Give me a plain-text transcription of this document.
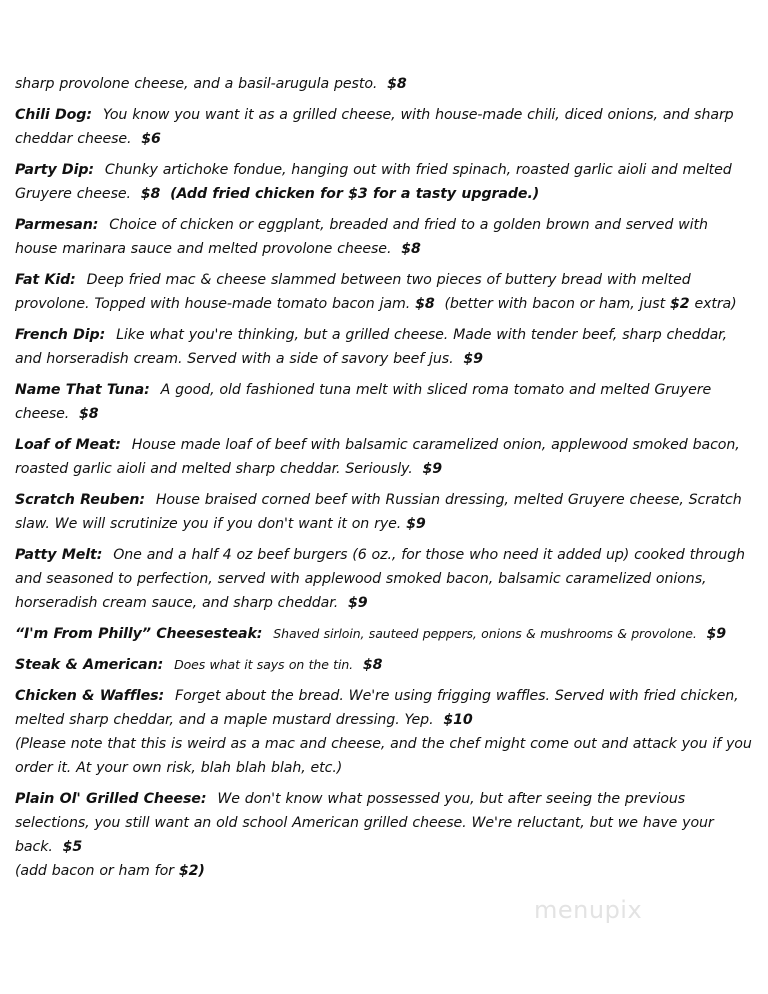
sharp provolone cheese, and a basil-arugula pesto. $8

Chili Dog: You know you want it as a grilled cheese, with house-made chili, diced onions, and sharp cheddar cheese. $6

Party Dip: Chunky artichoke fondue, hanging out with fried spinach, roasted garlic aioli and melted Gruyere cheese. $8 (Add fried chicken for $3 for a tasty upgrade.)

Parmesan: Choice of chicken or eggplant, breaded and fried to a golden brown and served with house marinara sauce and melted provolone cheese. $8

Fat Kid: Deep fried mac & cheese slammed between two pieces of buttery bread with melted provolone. Topped with house-made tomato bacon jam. $8 (better with bacon or ham, just $2 extra)

French Dip: Like what you're thinking, but a grilled cheese. Made with tender beef, sharp cheddar, and horseradish cream. Served with a side of savory beef jus. $9

Name That Tuna: A good, old fashioned tuna melt with sliced roma tomato and melted Gruyere cheese. $8

Loaf of Meat: House made loaf of beef with balsamic caramelized onion, applewood smoked bacon, roasted garlic aioli and melted sharp cheddar. Seriously. $9

Scratch Reuben: House braised corned beef with Russian dressing, melted Gruyere cheese, Scratch slaw. We will scrutinize you if you don't want it on rye. $9

Patty Melt: One and a half 4 oz beef burgers (6 oz., for those who need it added up) cooked through and seasoned to perfection, served with applewood smoked bacon, balsamic caramelized onions, horseradish cream sauce, and sharp cheddar. $9

“I'm From Philly” Cheesesteak: Shaved sirloin, sauteed peppers, onions & mushrooms & provolone. $9

Steak & American: Does what it says on the tin. $8

Chicken & Waffles: Forget about the bread. We're using frigging waffles. Served with fried chicken, melted sharp cheddar, and a maple mustard dressing. Yep. $10
(Please note that this is weird as a mac and cheese, and the chef might come out and attack you if you order it. At your own risk, blah blah blah, etc.)

Plain Ol' Grilled Cheese: We don't know what possessed you, but after seeing the previous selections, you still want an old school American grilled cheese. We're reluctant, but we have your back. $5
(add bacon or ham for $2)

menupix
